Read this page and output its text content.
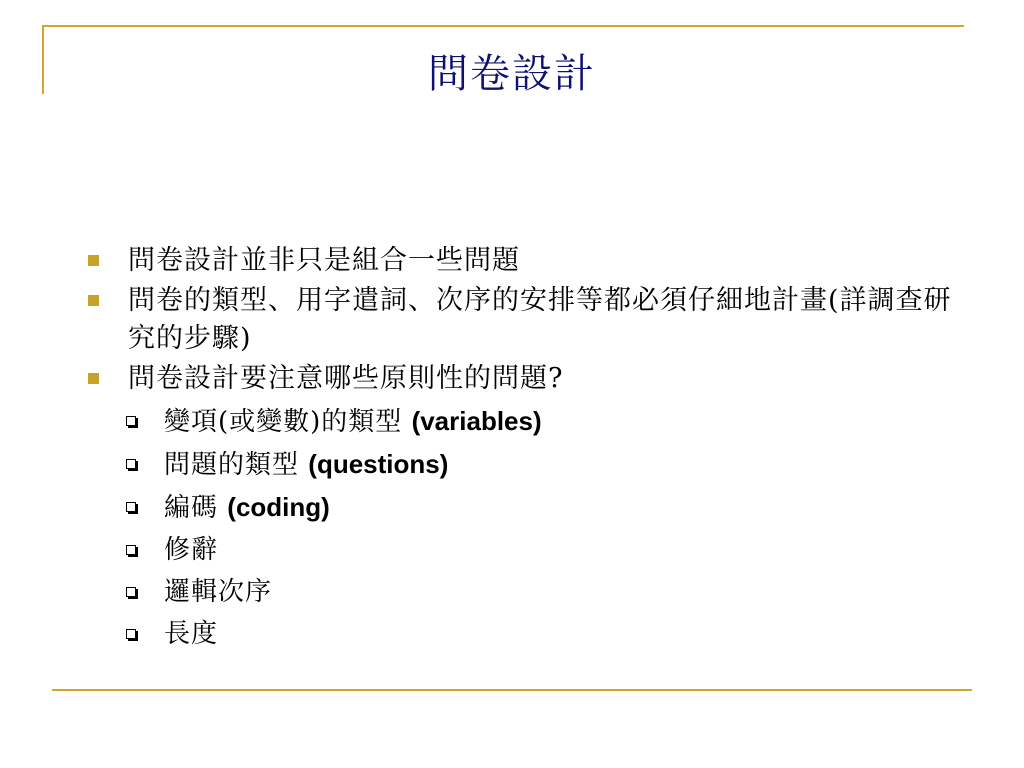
問卷設計
問卷設計並非只是組合一些問題
問卷的類型、用字遣詞、次序的安排等都必須仔細地計畫(詳調查研究的步驟)
問卷設計要注意哪些原則性的問題?
變項(或變數)的類型 (variables)
問題的類型 (questions)
編碼 (coding)
修辭
邏輯次序
長度
